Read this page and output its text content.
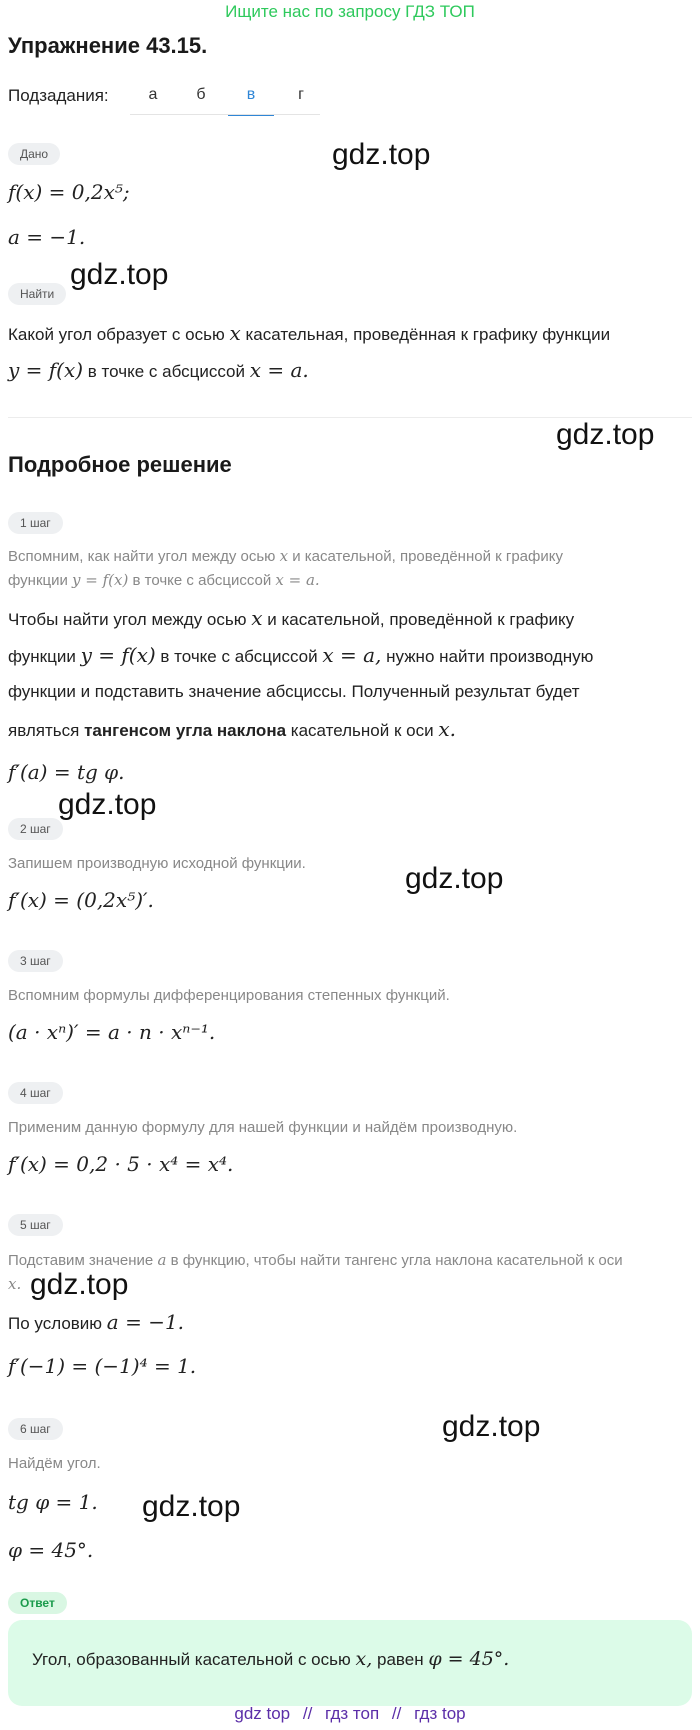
Ищите нас по запросу ГДЗ ТОП
Упражнение 43.15.
Подзадания:	а	б	в	г
Дано
f(x) = 0,2x⁵;
a = −1.
gdz.top
gdz.top
Найти
Какой угол образует с осью x касательная, проведённая к графику функции
y = f(x) в точке с абсциссой x = a.
gdz.top
Подробное решение
1 шаг
Вспомним, как найти угол между осью x и касательной, проведённой к графику
функции y = f(x) в точке с абсциссой x = a.
Чтобы найти угол между осью x и касательной, проведённой к графику
функции y = f(x) в точке с абсциссой x = a, нужно найти производную
функции и подставить значение абсциссы. Полученный результат будет
являться тангенсом угла наклона касательной к оси x.
f′(a) = tg φ.
gdz.top
2 шаг
Запишем производную исходной функции.
f′(x) = (0,2x⁵)′.
gdz.top
3 шаг
Вспомним формулы дифференцирования степенных функций.
(a · xⁿ)′ = a · n · xⁿ⁻¹.
4 шаг
Применим данную формулу для нашей функции и найдём производную.
f′(x) = 0,2 · 5 · x⁴ = x⁴.
5 шаг
Подставим значение a в функцию, чтобы найти тангенс угла наклона касательной к оси
x. gdz.top
По условию a = −1.
f′(−1) = (−1)⁴ = 1.
gdz.top
6 шаг
Найдём угол.
tg φ = 1.
φ = 45°.
gdz.top
Ответ
Угол, образованный касательной с осью x, равен φ = 45°.
gdz top // гдз топ // гдз top
